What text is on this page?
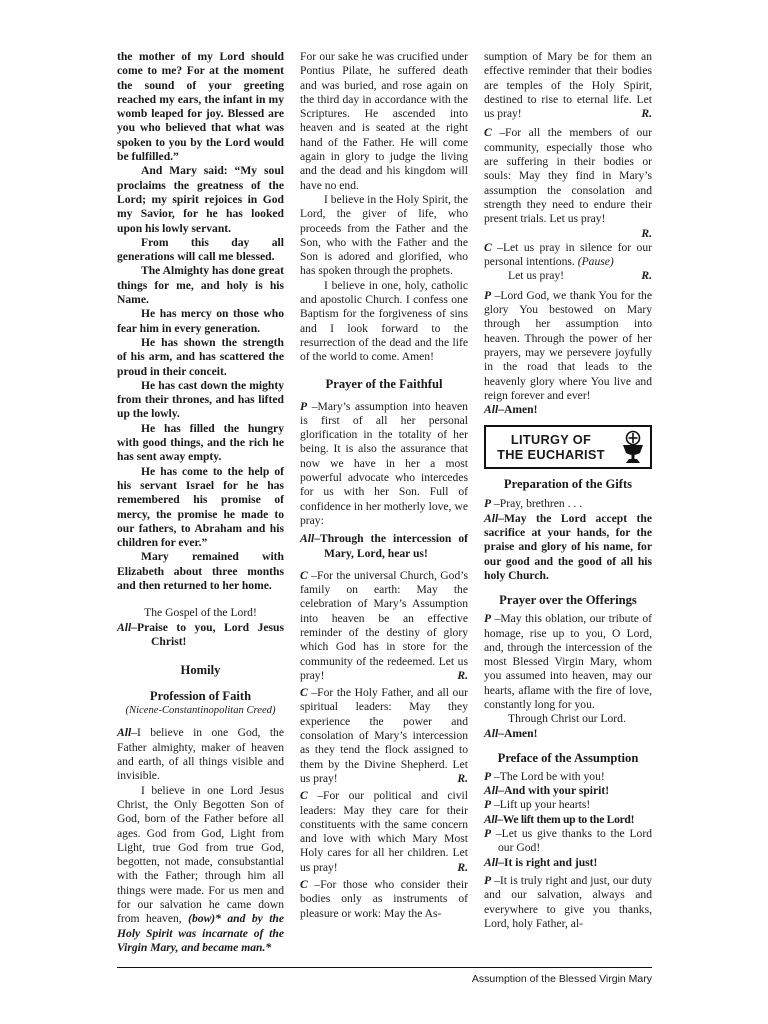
the mother of my Lord should come to me? For at the moment the sound of your greeting reached my ears, the infant in my womb leaped for joy. Blessed are you who believed that what was spoken to you by the Lord would be fulfilled.”

And Mary said: “My soul proclaims the greatness of the Lord; my spirit rejoices in God my Savior, for he has looked upon his lowly servant.

From this day all generations will call me blessed.

The Almighty has done great things for me, and holy is his Name.

He has mercy on those who fear him in every generation.

He has shown the strength of his arm, and has scattered the proud in their conceit.

He has cast down the mighty from their thrones, and has lifted up the lowly.

He has filled the hungry with good things, and the rich he has sent away empty.

He has come to the help of his servant Israel for he has remembered his promise of mercy, the promise he made to our fathers, to Abraham and his children for ever.”

Mary remained with Elizabeth about three months and then returned to her home.

The Gospel of the Lord!

All–Praise to you, Lord Jesus Christ!

Homily
Profession of Faith

(Nicene-Constantinopolitan Creed)

All–I believe in one God, the Father almighty, maker of heaven and earth, of all things visible and invisible.

I believe in one Lord Jesus Christ, the Only Begotten Son of God, born of the Father before all ages. God from God, Light from Light, true God from true God, begotten, not made, consubstantial with the Father; through him all things were made. For us men and for our salvation he came down from heaven, (bow)* and by the Holy Spirit was incarnate of the Virgin Mary, and became man.*

For our sake he was crucified under Pontius Pilate, he suffered death and was buried, and rose again on the third day in accordance with the Scriptures. He ascended into heaven and is seated at the right hand of the Father. He will come again in glory to judge the living and the dead and his kingdom will have no end.

I believe in the Holy Spirit, the Lord, the giver of life, who proceeds from the Father and the Son, who with the Father and the Son is adored and glorified, who has spoken through the prophets.

I believe in one, holy, catholic and apostolic Church. I confess one Baptism for the forgiveness of sins and I look forward to the resurrection of the dead and the life of the world to come. Amen!

Prayer of the Faithful

P –Mary’s assumption into heaven is first of all her personal glorification in the totality of her being. It is also the assurance that now we have in her a most powerful advocate who intercedes for us with her Son. Full of confidence in her motherly love, we pray:

All–Through the intercession of Mary, Lord, hear us!

C –For the universal Church, God’s family on earth: May the celebration of Mary’s Assumption into heaven be an effective reminder of the destiny of glory which God has in store for the community of the redeemed. Let us pray!	R.

C –For the Holy Father, and all our spiritual leaders: May they experience the power and consolation of Mary’s intercession as they tend the flock assigned to them by the Divine Shepherd. Let us pray!	R.

C –For our political and civil leaders: May they care for their constituents with the same concern and love with which Mary Most Holy cares for all her children. Let us pray!	R.

C –For those who consider their bodies only as instruments of pleasure or work: May the As-

sumption of Mary be for them an effective reminder that their bodies are temples of the Holy Spirit, destined to rise to eternal life. Let us pray!	R.

C –For all the members of our community, especially those who are suffering in their bodies or souls: May they find in Mary’s assumption the consolation and strength they need to endure their present trials. Let us pray!

R.

C –Let us pray in silence for our personal intentions. (Pause)

Let us pray!	R.

P –Lord God, we thank You for the glory You bestowed on Mary through her assumption into heaven. Through the power of her prayers, may we persevere joyfully in the road that leads to the heavenly glory where You live and reign forever and ever!

All–Amen!

LITURGY OF
THE EUCHARIST
Preparation of the Gifts

P –Pray, brethren . . .

All–May the Lord accept the sacrifice at your hands, for the praise and glory of his name, for our good and the good of all his holy Church.

Prayer over the Offerings

P –May this oblation, our tribute of homage, rise up to you, O Lord, and, through the intercession of the most Blessed Virgin Mary, whom you assumed into heaven, may our hearts, aflame with the fire of love, constantly long for you.

Through Christ our Lord.

All–Amen!

Preface of the Assumption

P –The Lord be with you!

All–And with your spirit!

P –Lift up your hearts!

All–We lift them up to the Lord!

P –Let us give thanks to the Lord our God!

All–It is right and just!

P –It is truly right and just, our duty and our salvation, always and everywhere to give you thanks, Lord, holy Father, al-

Assumption of the Blessed Virgin Mary
